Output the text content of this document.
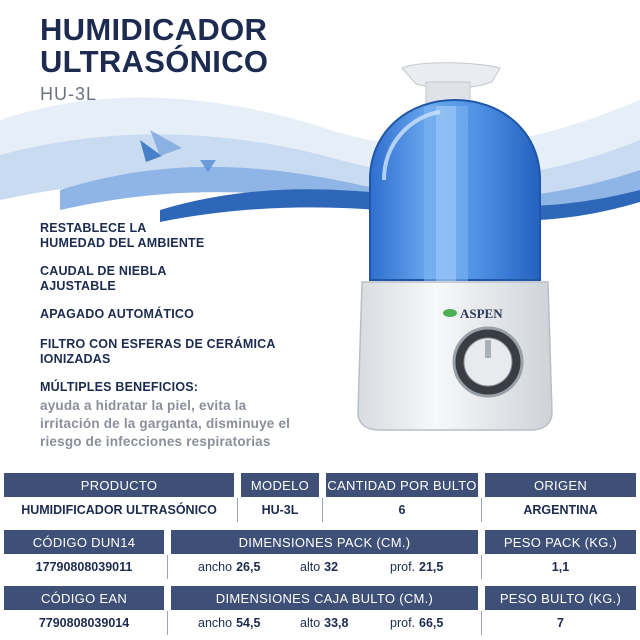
HUMIDICADOR
ULTRASÓNICO
HU-3L
ASPEN
RESTABLECE LA
HUMEDAD DEL AMBIENTE
CAUDAL DE NIEBLA
AJUSTABLE
APAGADO AUTOMÁTICO
FILTRO CON ESFERAS DE CERÁMICA
IONIZADAS
MÚLTIPLES BENEFICIOS:
ayuda a hidratar la piel, evita la
irritación de la garganta, disminuye el
riesgo de infecciones respiratorias
PRODUCTO	MODELO	CANTIDAD POR BULTO	ORIGEN
HUMIDIFICADOR ULTRASÓNICO	HU-3L	6	ARGENTINA
CÓDIGO DUN14	DIMENSIONES PACK (CM.)	PESO PACK (KG.)
17790808039011	ancho 26,5	alto 32	prof. 21,5	1,1
CÓDIGO EAN	DIMENSIONES CAJA BULTO (CM.)	PESO BULTO (KG.)
7790808039014	ancho 54,5	alto 33,8	prof. 66,5	7
